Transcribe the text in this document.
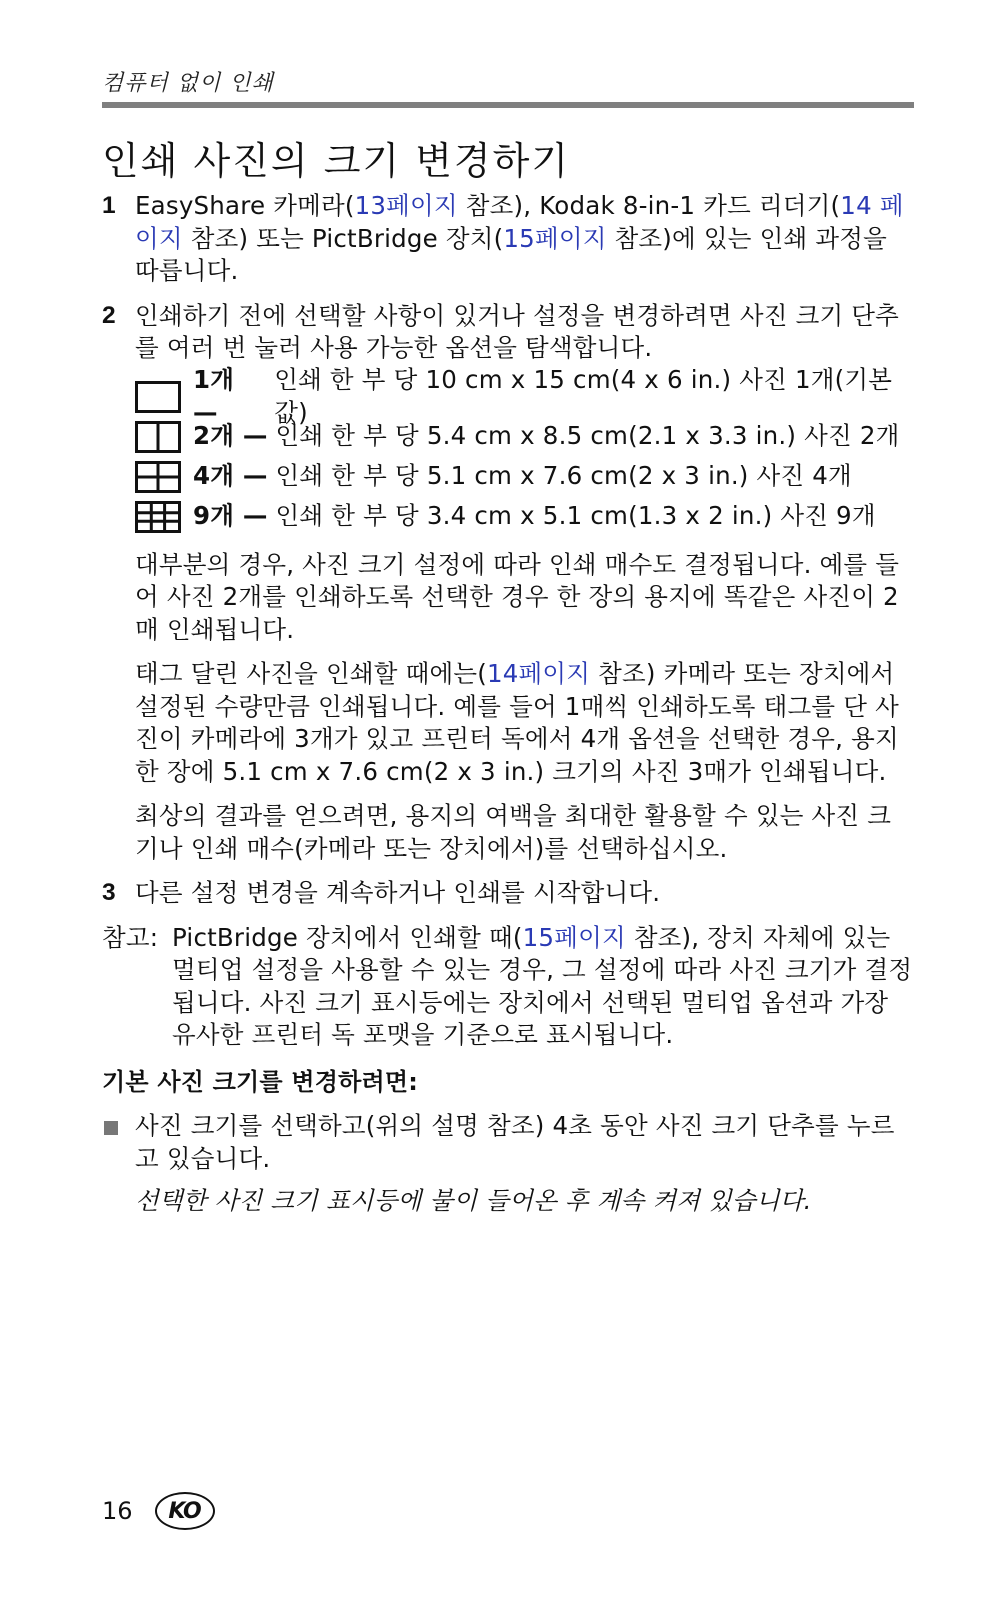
컴퓨터 없이 인쇄
인쇄 사진의 크기 변경하기
1 EasyShare 카메라(13페이지 참조), Kodak 8-in-1 카드 리더기(14 페이지 참조) 또는 PictBridge 장치(15페이지 참조)에 있는 인쇄 과정을 따릅니다.
2 인쇄하기 전에 선택할 사항이 있거나 설정을 변경하려면 사진 크기 단추를 여러 번 눌러 사용 가능한 옵션을 탐색합니다.
1개 —
인쇄 한 부 당 10 cm x 15 cm(4 x 6 in.) 사진 1개(기본값)
2개 — 인쇄 한 부 당 5.4 cm x 8.5 cm(2.1 x 3.3 in.) 사진 2개
4개 — 인쇄 한 부 당 5.1 cm x 7.6 cm(2 x 3 in.) 사진 4개
9개 — 인쇄 한 부 당 3.4 cm x 5.1 cm(1.3 x 2 in.) 사진 9개

대부분의 경우, 사진 크기 설정에 따라 인쇄 매수도 결정됩니다. 예를 들어 사진 2개를 인쇄하도록 선택한 경우 한 장의 용지에 똑같은 사진이 2매 인쇄됩니다.

태그 달린 사진을 인쇄할 때에는(14페이지 참조) 카메라 또는 장치에서 설정된 수량만큼 인쇄됩니다. 예를 들어 1매씩 인쇄하도록 태그를 단 사진이 카메라에 3개가 있고 프린터 독에서 4개 옵션을 선택한 경우, 용지 한 장에 5.1 cm x 7.6 cm(2 x 3 in.) 크기의 사진 3매가 인쇄됩니다.

최상의 결과를 얻으려면, 용지의 여백을 최대한 활용할 수 있는 사진 크기나 인쇄 매수(카메라 또는 장치에서)를 선택하십시오.

3 다른 설정 변경을 계속하거나 인쇄를 시작합니다.
참고: PictBridge 장치에서 인쇄할 때(15페이지 참조), 장치 자체에 있는 멀티업 설정을 사용할 수 있는 경우, 그 설정에 따라 사진 크기가 결정됩니다. 사진 크기 표시등에는 장치에서 선택된 멀티업 옵션과 가장 유사한 프린터 독 포맷을 기준으로 표시됩니다.
기본 사진 크기를 변경하려면:
사진 크기를 선택하고(위의 설명 참조) 4초 동안 사진 크기 단추를 누르고 있습니다.

선택한 사진 크기 표시등에 불이 들어온 후 계속 켜져 있습니다.

16	KO
